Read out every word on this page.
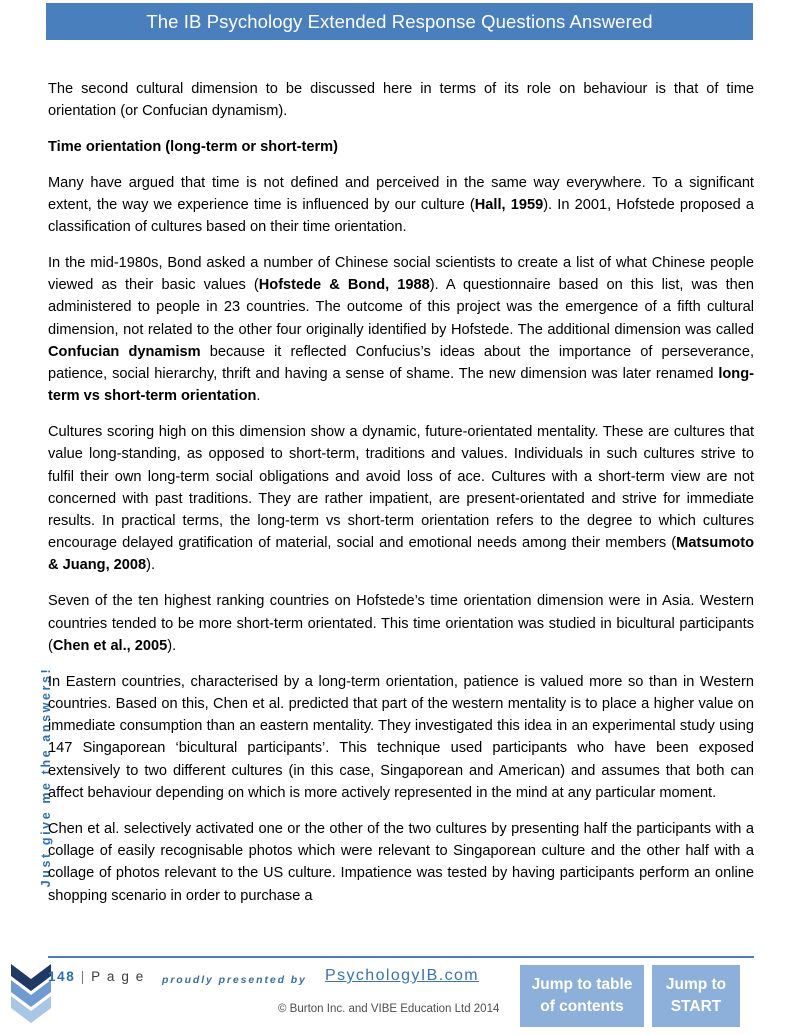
The IB Psychology Extended Response Questions Answered
Just give me the answers!

The second cultural dimension to be discussed here in terms of its role on behaviour is that of time orientation (or Confucian dynamism).

Time orientation (long-term or short-term)

Many have argued that time is not defined and perceived in the same way everywhere. To a significant extent, the way we experience time is influenced by our culture (Hall, 1959). In 2001, Hofstede proposed a classification of cultures based on their time orientation.

In the mid-1980s, Bond asked a number of Chinese social scientists to create a list of what Chinese people viewed as their basic values (Hofstede & Bond, 1988). A questionnaire based on this list, was then administered to people in 23 countries. The outcome of this project was the emergence of a fifth cultural dimension, not related to the other four originally identified by Hofstede. The additional dimension was called Confucian dynamism because it reflected Confucius’s ideas about the importance of perseverance, patience, social hierarchy, thrift and having a sense of shame. The new dimension was later renamed long-term vs short-term orientation.

Cultures scoring high on this dimension show a dynamic, future-orientated mentality. These are cultures that value long-standing, as opposed to short-term, traditions and values. Individuals in such cultures strive to fulfil their own long-term social obligations and avoid loss of ace. Cultures with a short-term view are not concerned with past traditions. They are rather impatient, are present-orientated and strive for immediate results. In practical terms, the long-term vs short-term orientation refers to the degree to which cultures encourage delayed gratification of material, social and emotional needs among their members (Matsumoto & Juang, 2008).

Seven of the ten highest ranking countries on Hofstede’s time orientation dimension were in Asia. Western countries tended to be more short-term orientated. This time orientation was studied in bicultural participants (Chen et al., 2005).

In Eastern countries, characterised by a long-term orientation, patience is valued more so than in Western countries. Based on this, Chen et al. predicted that part of the western mentality is to place a higher value on immediate consumption than an eastern mentality. They investigated this idea in an experimental study using 147 Singaporean ‘bicultural participants’. This technique used participants who have been exposed extensively to two different cultures (in this case, Singaporean and American) and assumes that both can affect behaviour depending on which is more actively represented in the mind at any particular moment.

Chen et al. selectively activated one or the other of the two cultures by presenting half the participants with a collage of easily recognisable photos which were relevant to Singaporean culture and the other half with a collage of photos relevant to the US culture. Impatience was tested by having participants perform an online shopping scenario in order to purchase a

148 | P a g e proudly presented by PsychologyIB.com
© Burton Inc. and VIBE Education Ltd 2014
Jump to table
of contents
Jump to
START
